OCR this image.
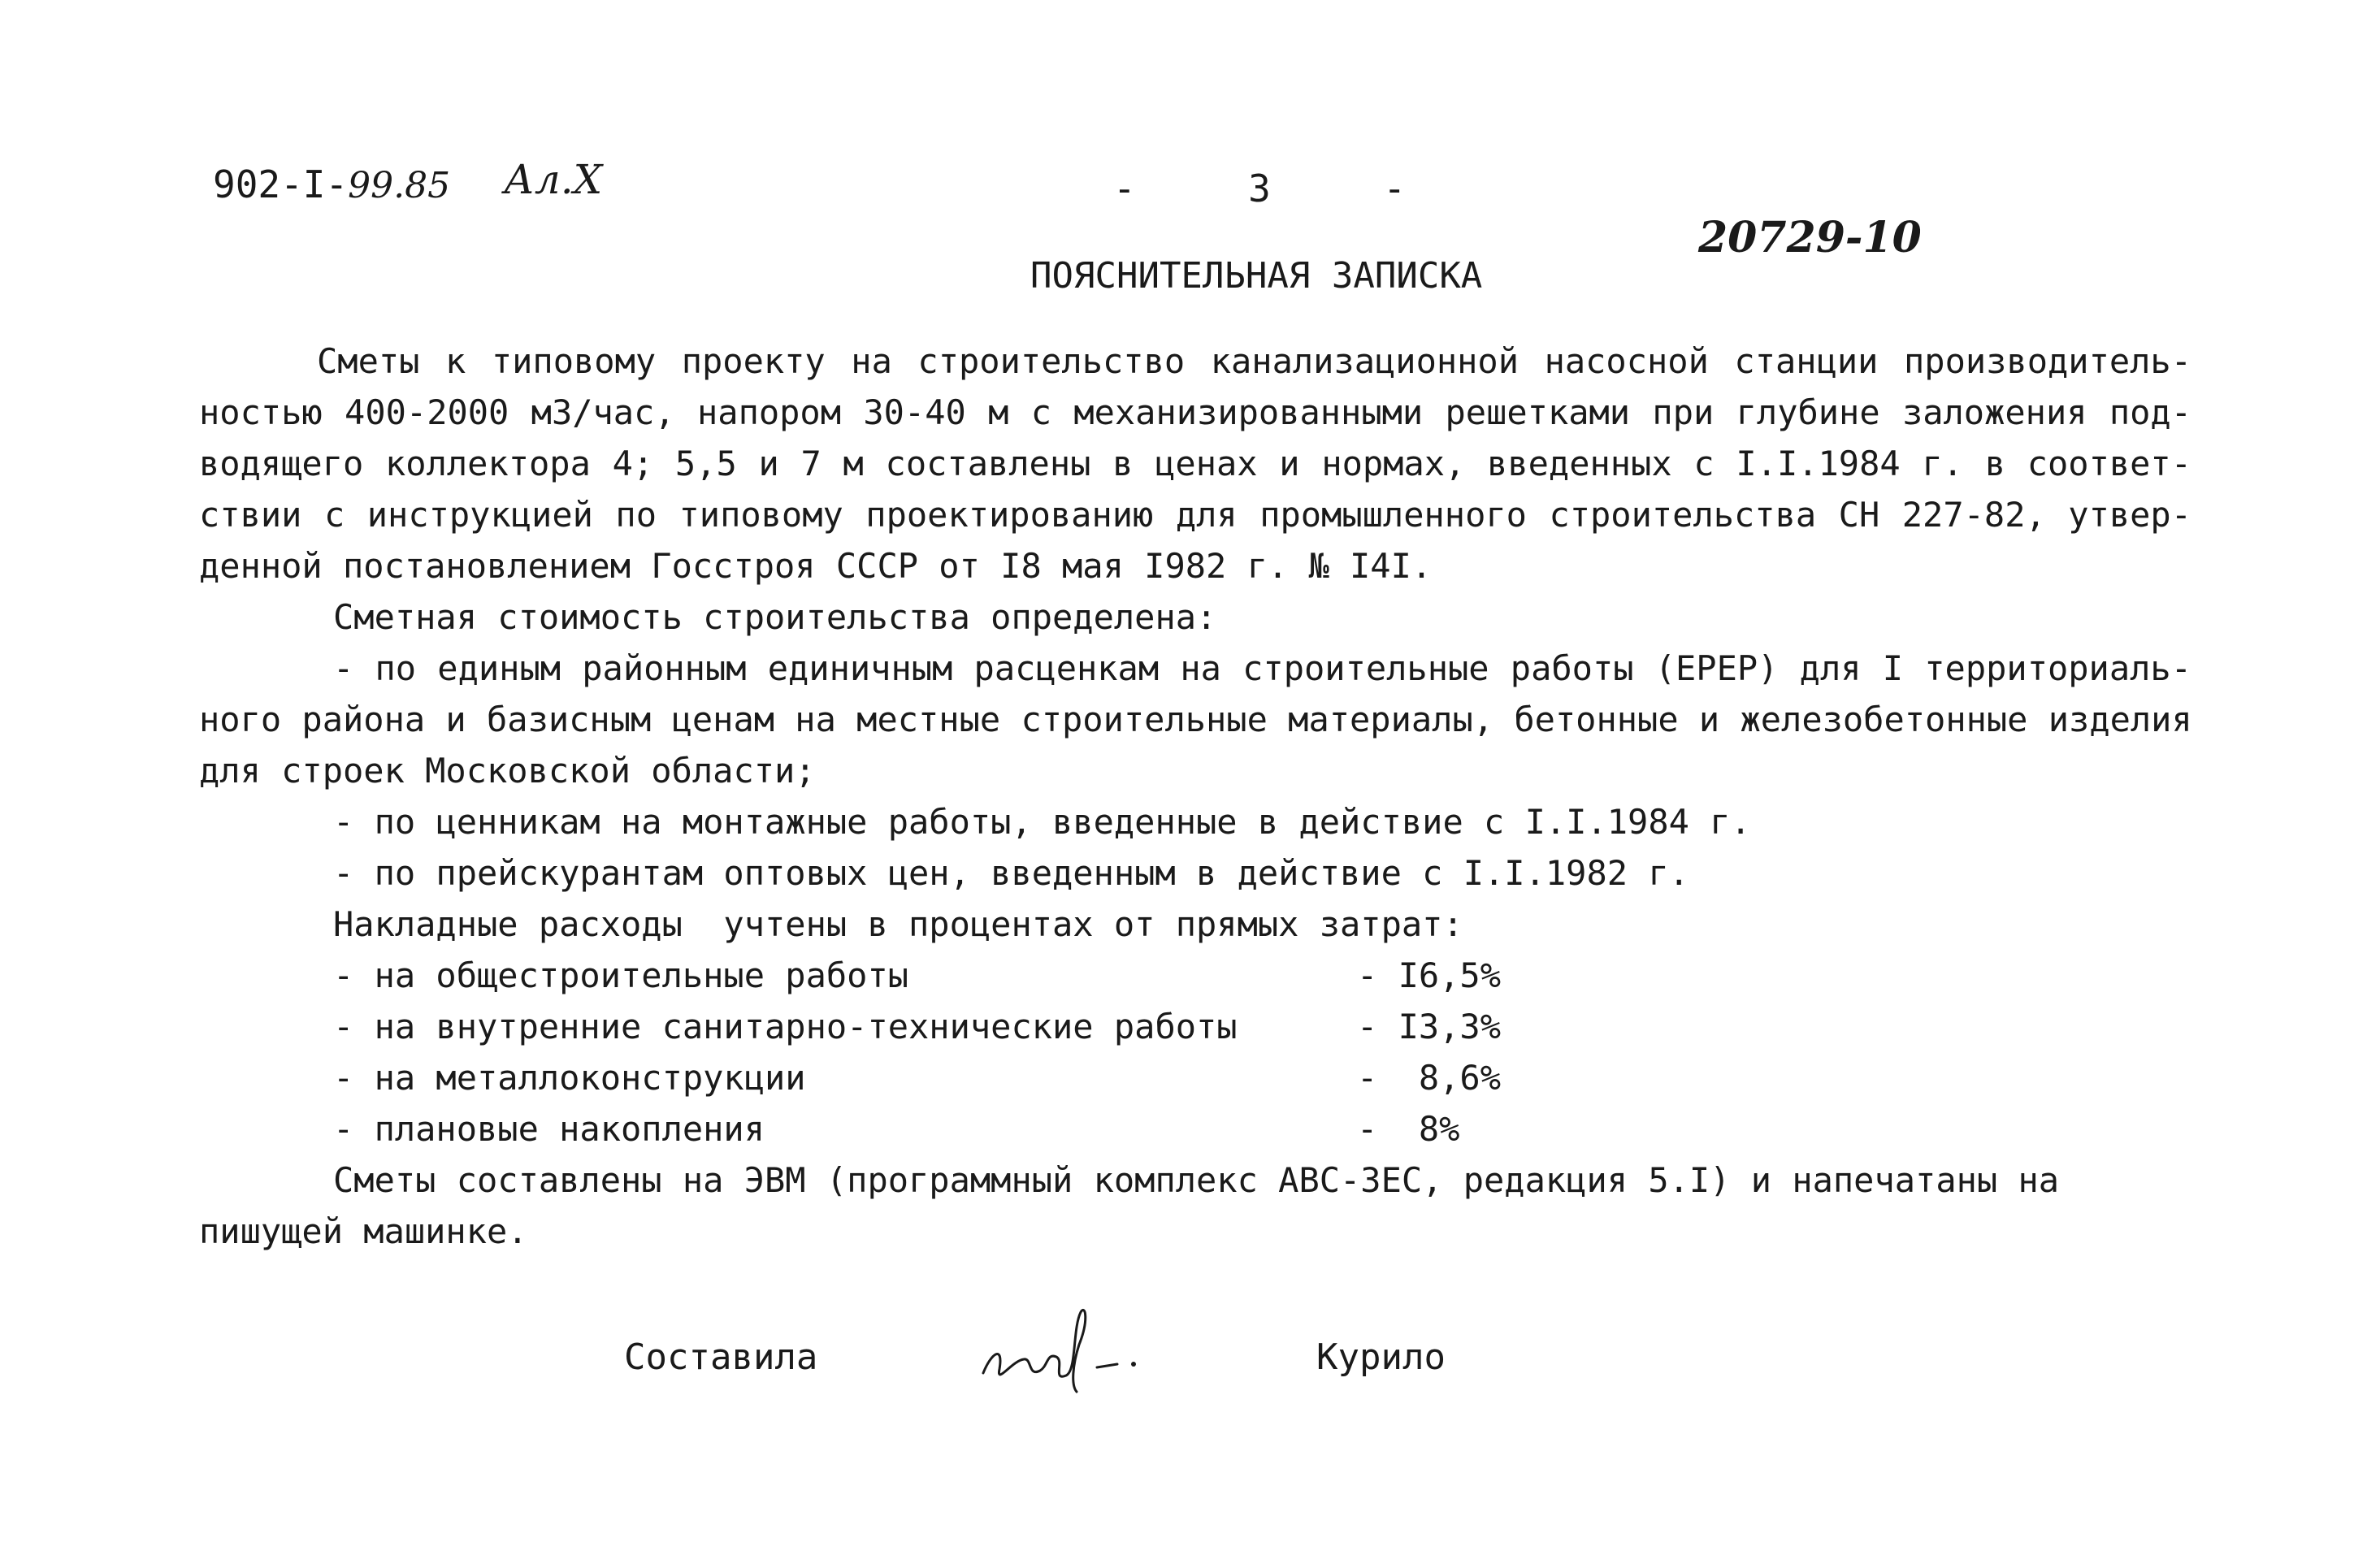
902-I-99.85 Ал.X	-     3     -
20729-10
ПОЯСНИТЕЛЬНАЯ ЗАПИСКА
Сметы к типовому проекту на строительство канализационной насосной станции производитель-
ностью 400-2000 м3/час, напором 30-40 м с механизированными решетками при глубине заложения под-
водящего коллектора 4; 5,5 и 7 м составлены в ценах и нормах, введенных с I.I.1984 г. в соответ-
ствии с инструкцией по типовому проектированию для промышленного строительства СН 227-82, утвер-
денной постановлением Госстроя СССР от I8 мая I982 г. № I4I.
Сметная стоимость строительства определена:
- по единым районным единичным расценкам на строительные работы (ЕРЕР) для I территориаль-
ного района и базисным ценам на местные строительные материалы, бетонные и железобетонные изделия
для строек Московской области;
- по ценникам на монтажные работы, введенные в действие с I.I.1984 г.
- по прейскурантам оптовых цен, введенным в действие с I.I.1982 г.
Накладные расходы  учтены в процентах от прямых затрат:
- на общестроительные работы	- I6,5%
- на внутренние санитарно-технические работы	- I3,3%
- на металлоконструкции	-  8,6%
- плановые накопления	-  8%
Сметы составлены на ЭВМ (программный комплекс АВС-3ЕС, редакция 5.I) и напечатаны на
пишущей машинке.
Составила	Курило
